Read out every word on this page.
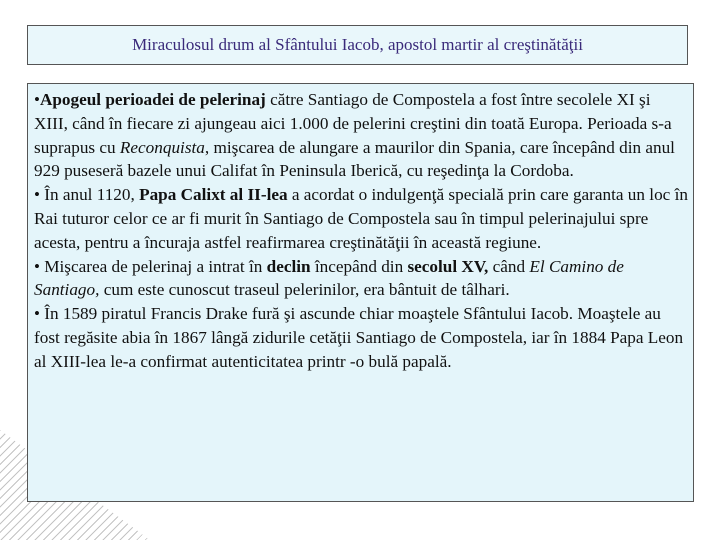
Miraculosul drum al Sfântului Iacob, apostol martir al creştinătăţii

•Apogeul perioadei de pelerinaj către Santiago de Compostela a fost între secolele XI şi XIII, când în fiecare zi ajungeau aici 1.000 de pelerini creştini din toată Europa. Perioada s-a suprapus cu Reconquista, mişcarea de alungare a maurilor din Spania, care începând din anul 929 puseseră bazele unui Califat în Peninsula Iberică, cu reşedinţa la Cordoba.

• În anul 1120, Papa Calixt al II-lea a acordat o indulgenţă specială prin care garanta un loc în Rai tuturor celor ce ar fi murit în Santiago de Compostela sau în timpul pelerinajului spre acesta, pentru a încuraja astfel reafirmarea creştinătăţii în această regiune.

• Mişcarea de pelerinaj a intrat în declin începând din secolul XV, când El Camino de Santiago, cum este cunoscut traseul pelerinilor, era bântuit de tâlhari.

• În 1589 piratul Francis Drake fură şi ascunde chiar moaştele Sfântului Iacob. Moaştele au fost regăsite abia în 1867 lângă zidurile cetăţii Santiago de Compostela, iar în 1884 Papa Leon al XIII-lea le-a confirmat autenticitatea printr -o bulă papală.
